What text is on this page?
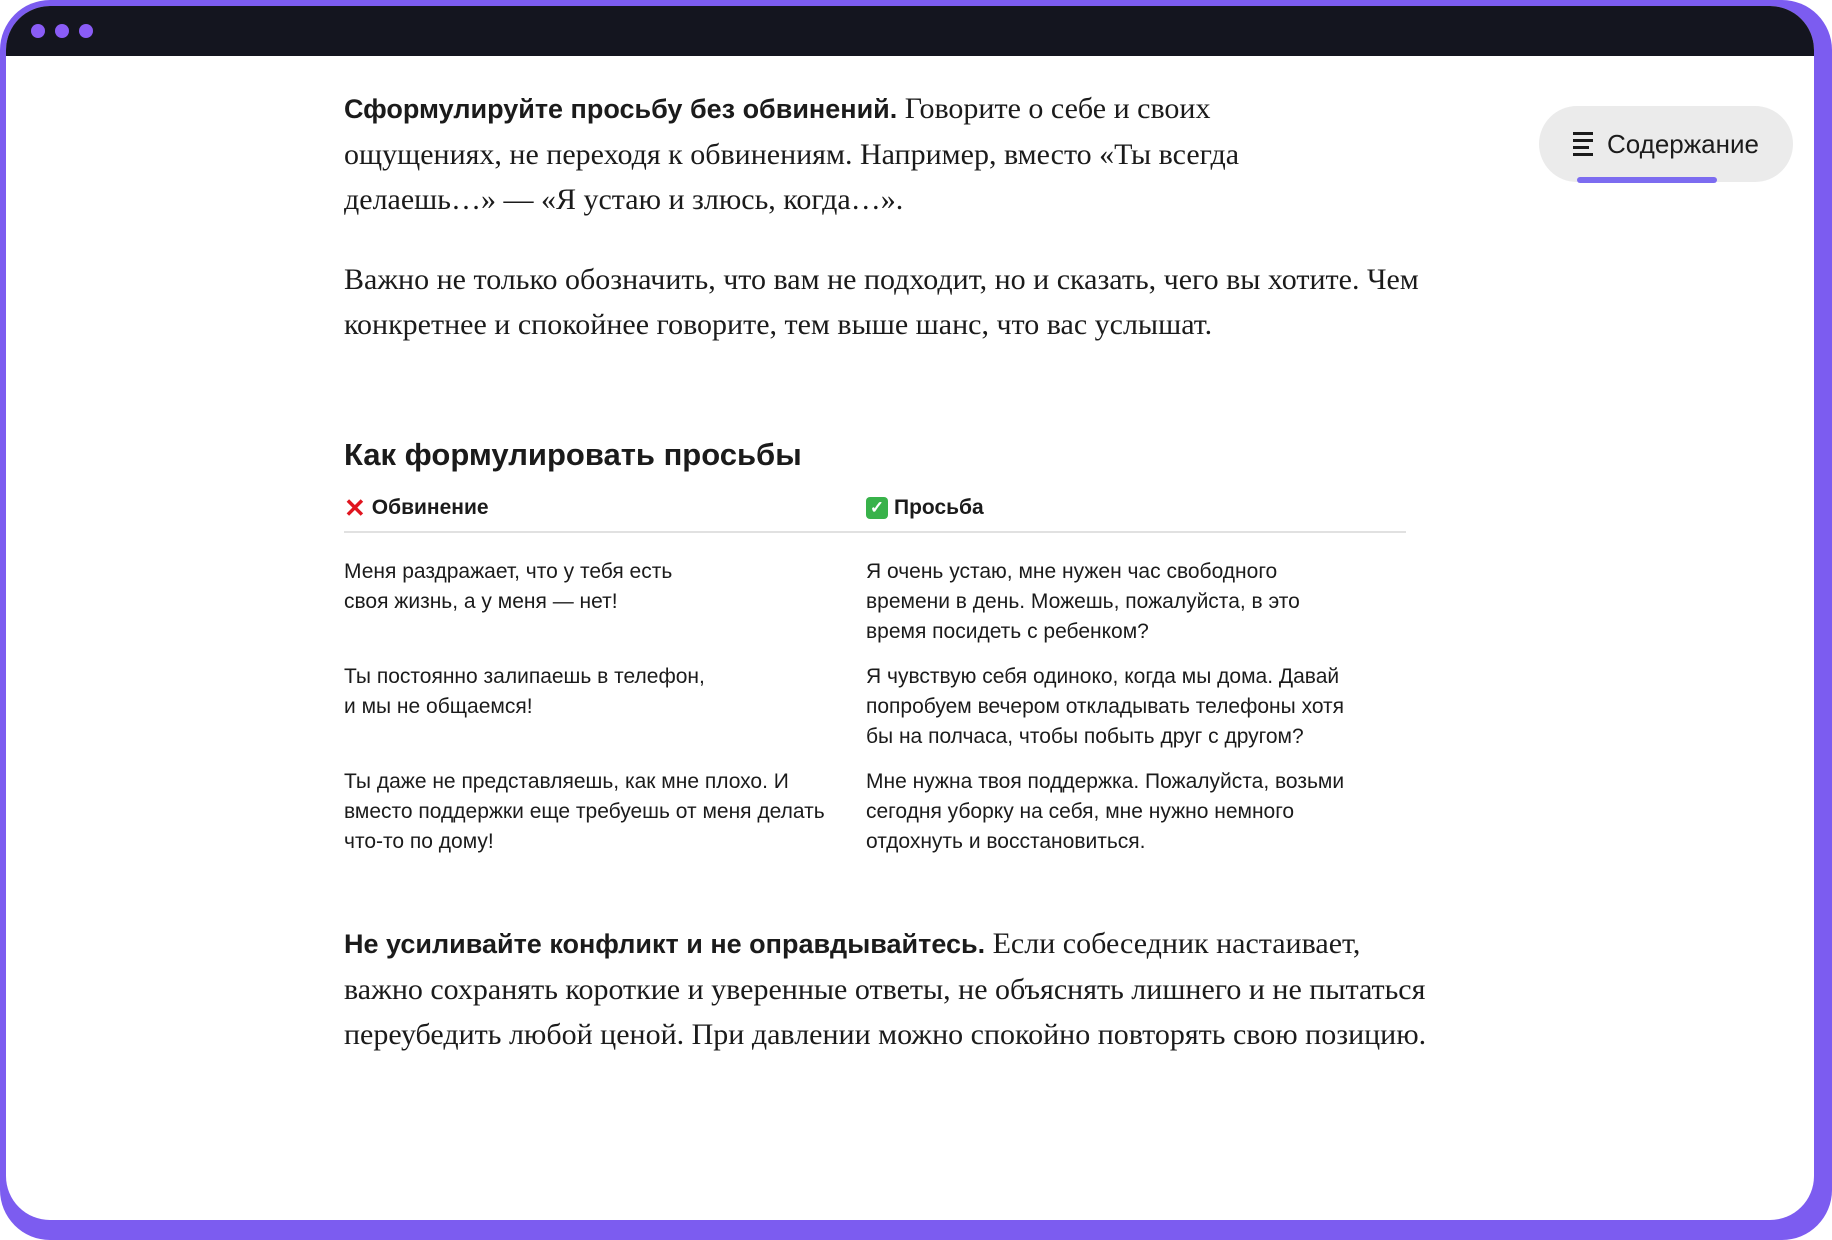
Сформулируйте просьбу без обвинений. Говорите о себе и своих ощущениях, не переходя к обвинениям. Например, вместо «Ты всегда делаешь…» — «Я устаю и злюсь, когда…».

Важно не только обозначить, что вам не подходит, но и сказать, чего вы хотите. Чем конкретнее и спокойнее говорите, тем выше шанс, что вас услышат.

Как формулировать просьбы
✕ Обвинение	✓ Просьба
Меня раздражает, что у тебя есть своя жизнь, а у меня — нет!
Я очень устаю, мне нужен час свободного времени в день. Можешь, пожалуйста, в это время посидеть с ребенком?
Ты постоянно залипаешь в телефон, и мы не общаемся!
Я чувствую себя одиноко, когда мы дома. Давай попробуем вечером откладывать телефоны хотя бы на полчаса, чтобы побыть друг с другом?
Ты даже не представляешь, как мне плохо. И вместо поддержки еще требуешь от меня делать что-то по дому!
Мне нужна твоя поддержка. Пожалуйста, возьми сегодня уборку на себя, мне нужно немного отдохнуть и восстановиться.

Не усиливайте конфликт и не оправдывайтесь. Если собеседник настаивает, важно сохранять короткие и уверенные ответы, не объяснять лишнего и не пытаться переубедить любой ценой. При давлении можно спокойно повторять свою позицию.

Содержание
